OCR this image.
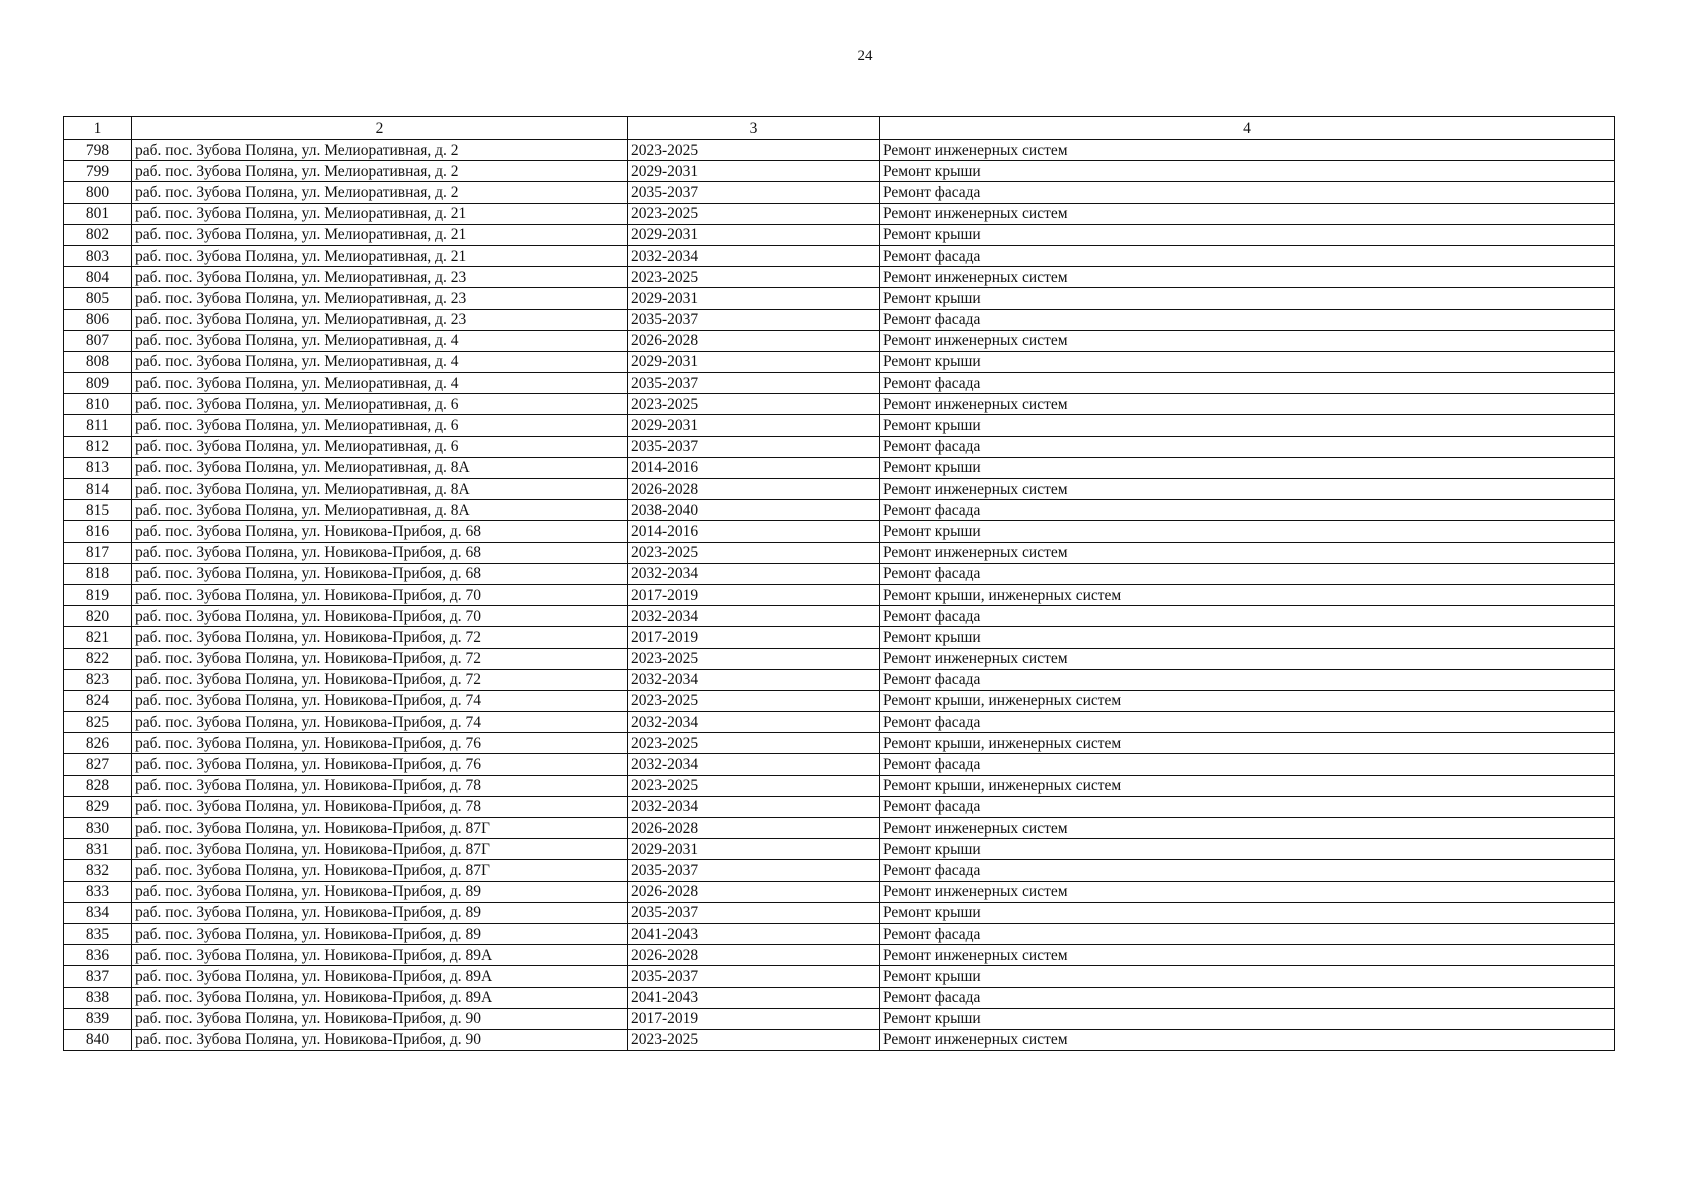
24
1	2	3	4
798	раб. пос. Зубова Поляна, ул. Мелиоративная, д. 2	2023-2025	Ремонт инженерных систем
799	раб. пос. Зубова Поляна, ул. Мелиоративная, д. 2	2029-2031	Ремонт крыши
800	раб. пос. Зубова Поляна, ул. Мелиоративная, д. 2	2035-2037	Ремонт фасада
801	раб. пос. Зубова Поляна, ул. Мелиоративная, д. 21	2023-2025	Ремонт инженерных систем
802	раб. пос. Зубова Поляна, ул. Мелиоративная, д. 21	2029-2031	Ремонт крыши
803	раб. пос. Зубова Поляна, ул. Мелиоративная, д. 21	2032-2034	Ремонт фасада
804	раб. пос. Зубова Поляна, ул. Мелиоративная, д. 23	2023-2025	Ремонт инженерных систем
805	раб. пос. Зубова Поляна, ул. Мелиоративная, д. 23	2029-2031	Ремонт крыши
806	раб. пос. Зубова Поляна, ул. Мелиоративная, д. 23	2035-2037	Ремонт фасада
807	раб. пос. Зубова Поляна, ул. Мелиоративная, д. 4	2026-2028	Ремонт инженерных систем
808	раб. пос. Зубова Поляна, ул. Мелиоративная, д. 4	2029-2031	Ремонт крыши
809	раб. пос. Зубова Поляна, ул. Мелиоративная, д. 4	2035-2037	Ремонт фасада
810	раб. пос. Зубова Поляна, ул. Мелиоративная, д. 6	2023-2025	Ремонт инженерных систем
811	раб. пос. Зубова Поляна, ул. Мелиоративная, д. 6	2029-2031	Ремонт крыши
812	раб. пос. Зубова Поляна, ул. Мелиоративная, д. 6	2035-2037	Ремонт фасада
813	раб. пос. Зубова Поляна, ул. Мелиоративная, д. 8А	2014-2016	Ремонт крыши
814	раб. пос. Зубова Поляна, ул. Мелиоративная, д. 8А	2026-2028	Ремонт инженерных систем
815	раб. пос. Зубова Поляна, ул. Мелиоративная, д. 8А	2038-2040	Ремонт фасада
816	раб. пос. Зубова Поляна, ул. Новикова-Прибоя, д. 68	2014-2016	Ремонт крыши
817	раб. пос. Зубова Поляна, ул. Новикова-Прибоя, д. 68	2023-2025	Ремонт инженерных систем
818	раб. пос. Зубова Поляна, ул. Новикова-Прибоя, д. 68	2032-2034	Ремонт фасада
819	раб. пос. Зубова Поляна, ул. Новикова-Прибоя, д. 70	2017-2019	Ремонт крыши, инженерных систем
820	раб. пос. Зубова Поляна, ул. Новикова-Прибоя, д. 70	2032-2034	Ремонт фасада
821	раб. пос. Зубова Поляна, ул. Новикова-Прибоя, д. 72	2017-2019	Ремонт крыши
822	раб. пос. Зубова Поляна, ул. Новикова-Прибоя, д. 72	2023-2025	Ремонт инженерных систем
823	раб. пос. Зубова Поляна, ул. Новикова-Прибоя, д. 72	2032-2034	Ремонт фасада
824	раб. пос. Зубова Поляна, ул. Новикова-Прибоя, д. 74	2023-2025	Ремонт крыши, инженерных систем
825	раб. пос. Зубова Поляна, ул. Новикова-Прибоя, д. 74	2032-2034	Ремонт фасада
826	раб. пос. Зубова Поляна, ул. Новикова-Прибоя, д. 76	2023-2025	Ремонт крыши, инженерных систем
827	раб. пос. Зубова Поляна, ул. Новикова-Прибоя, д. 76	2032-2034	Ремонт фасада
828	раб. пос. Зубова Поляна, ул. Новикова-Прибоя, д. 78	2023-2025	Ремонт крыши, инженерных систем
829	раб. пос. Зубова Поляна, ул. Новикова-Прибоя, д. 78	2032-2034	Ремонт фасада
830	раб. пос. Зубова Поляна, ул. Новикова-Прибоя, д. 87Г	2026-2028	Ремонт инженерных систем
831	раб. пос. Зубова Поляна, ул. Новикова-Прибоя, д. 87Г	2029-2031	Ремонт крыши
832	раб. пос. Зубова Поляна, ул. Новикова-Прибоя, д. 87Г	2035-2037	Ремонт фасада
833	раб. пос. Зубова Поляна, ул. Новикова-Прибоя, д. 89	2026-2028	Ремонт инженерных систем
834	раб. пос. Зубова Поляна, ул. Новикова-Прибоя, д. 89	2035-2037	Ремонт крыши
835	раб. пос. Зубова Поляна, ул. Новикова-Прибоя, д. 89	2041-2043	Ремонт фасада
836	раб. пос. Зубова Поляна, ул. Новикова-Прибоя, д. 89А	2026-2028	Ремонт инженерных систем
837	раб. пос. Зубова Поляна, ул. Новикова-Прибоя, д. 89А	2035-2037	Ремонт крыши
838	раб. пос. Зубова Поляна, ул. Новикова-Прибоя, д. 89А	2041-2043	Ремонт фасада
839	раб. пос. Зубова Поляна, ул. Новикова-Прибоя, д. 90	2017-2019	Ремонт крыши
840	раб. пос. Зубова Поляна, ул. Новикова-Прибоя, д. 90	2023-2025	Ремонт инженерных систем
